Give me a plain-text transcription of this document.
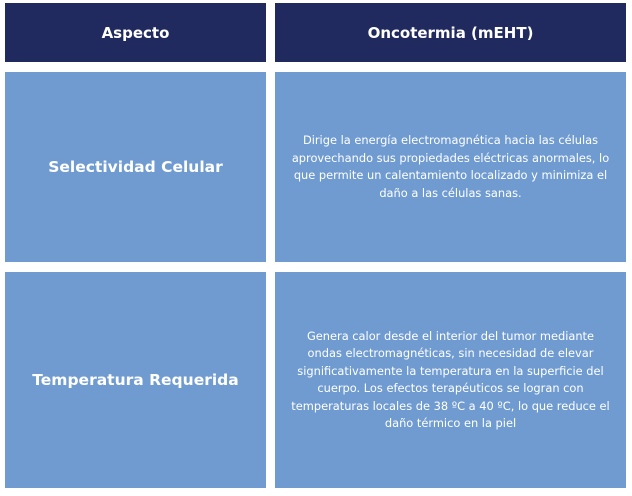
Aspecto	Oncotermia (mEHT)
Selectividad Celular
Dirige la energía electromagnética hacia las células aprovechando sus propiedades eléctricas anormales, lo que permite un calentamiento localizado y minimiza el daño a las células sanas.
Temperatura Requerida
Genera calor desde el interior del tumor mediante ondas electromagnéticas, sin necesidad de elevar significativamente la temperatura en la superficie del cuerpo. Los efectos terapéuticos se logran con temperaturas locales de 38 ºC a 40 ºC, lo que reduce el daño térmico en la piel
